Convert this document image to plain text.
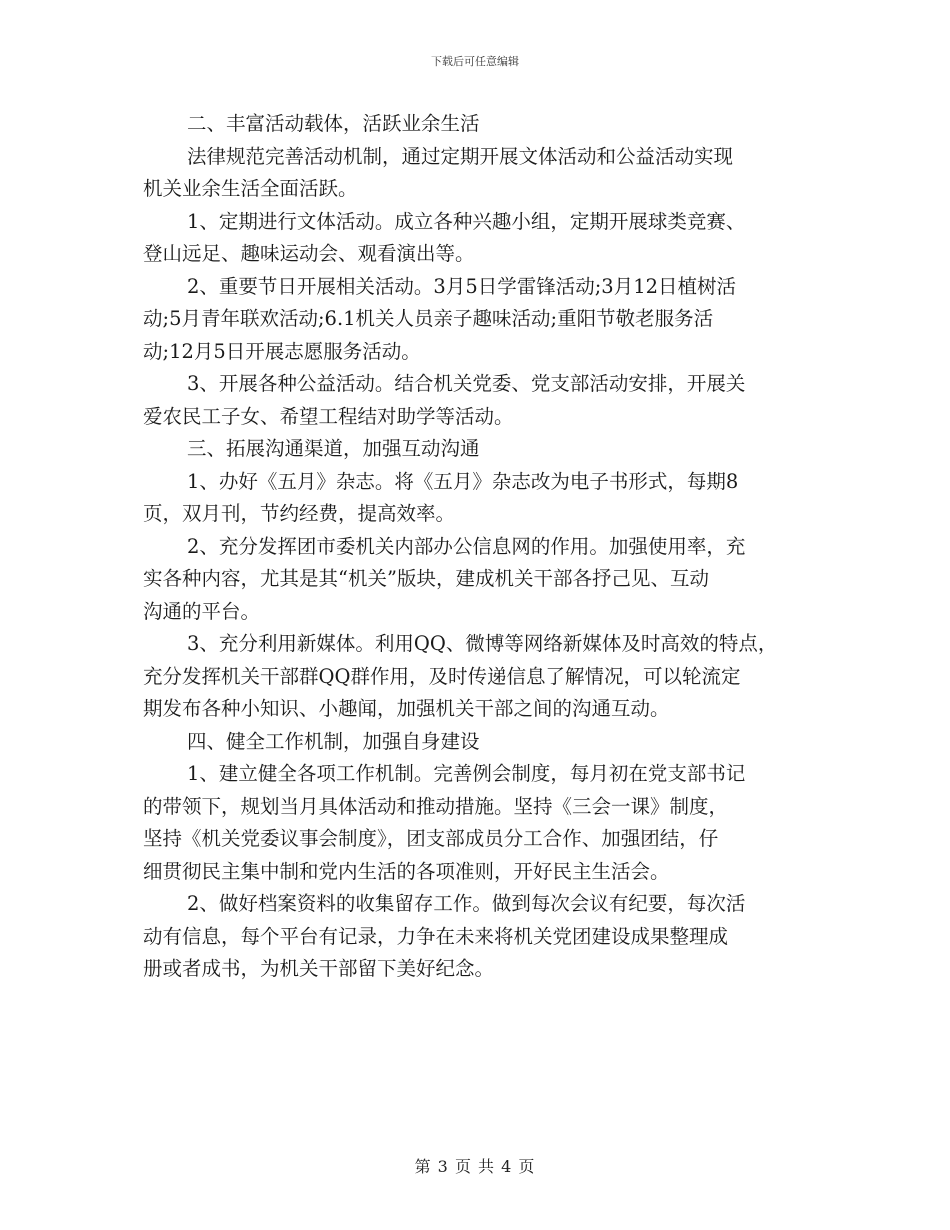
下载后可任意编辑
二、丰富活动载体，活跃业余生活
法律规范完善活动机制，通过定期开展文体活动和公益活动实现
机关业余生活全面活跃。
1、定期进行文体活动。成立各种兴趣小组，定期开展球类竞赛、
登山远足、趣味运动会、观看演出等。
2、重要节日开展相关活动。3月5日学雷锋活动;3月12日植树活
动;5月青年联欢活动;6.1机关人员亲子趣味活动;重阳节敬老服务活
动;12月5日开展志愿服务活动。
3、开展各种公益活动。结合机关党委、党支部活动安排，开展关
爱农民工子女、希望工程结对助学等活动。
三、拓展沟通渠道，加强互动沟通
1、办好《五月》杂志。将《五月》杂志改为电子书形式，每期8
页，双月刊，节约经费，提高效率。
2、充分发挥团市委机关内部办公信息网的作用。加强使用率，充
实各种内容，尤其是其“机关”版块，建成机关干部各抒己见、互动
沟通的平台。
3、充分利用新媒体。利用QQ、微博等网络新媒体及时高效的特点，
充分发挥机关干部群QQ群作用，及时传递信息了解情况，可以轮流定
期发布各种小知识、小趣闻，加强机关干部之间的沟通互动。
四、健全工作机制，加强自身建设
1、建立健全各项工作机制。完善例会制度，每月初在党支部书记
的带领下，规划当月具体活动和推动措施。坚持《三会一课》制度，
坚持《机关党委议事会制度》，团支部成员分工合作、加强团结，仔
细贯彻民主集中制和党内生活的各项准则，开好民主生活会。
2、做好档案资料的收集留存工作。做到每次会议有纪要，每次活
动有信息，每个平台有记录，力争在未来将机关党团建设成果整理成
册或者成书，为机关干部留下美好纪念。
第 3 页 共 4 页
